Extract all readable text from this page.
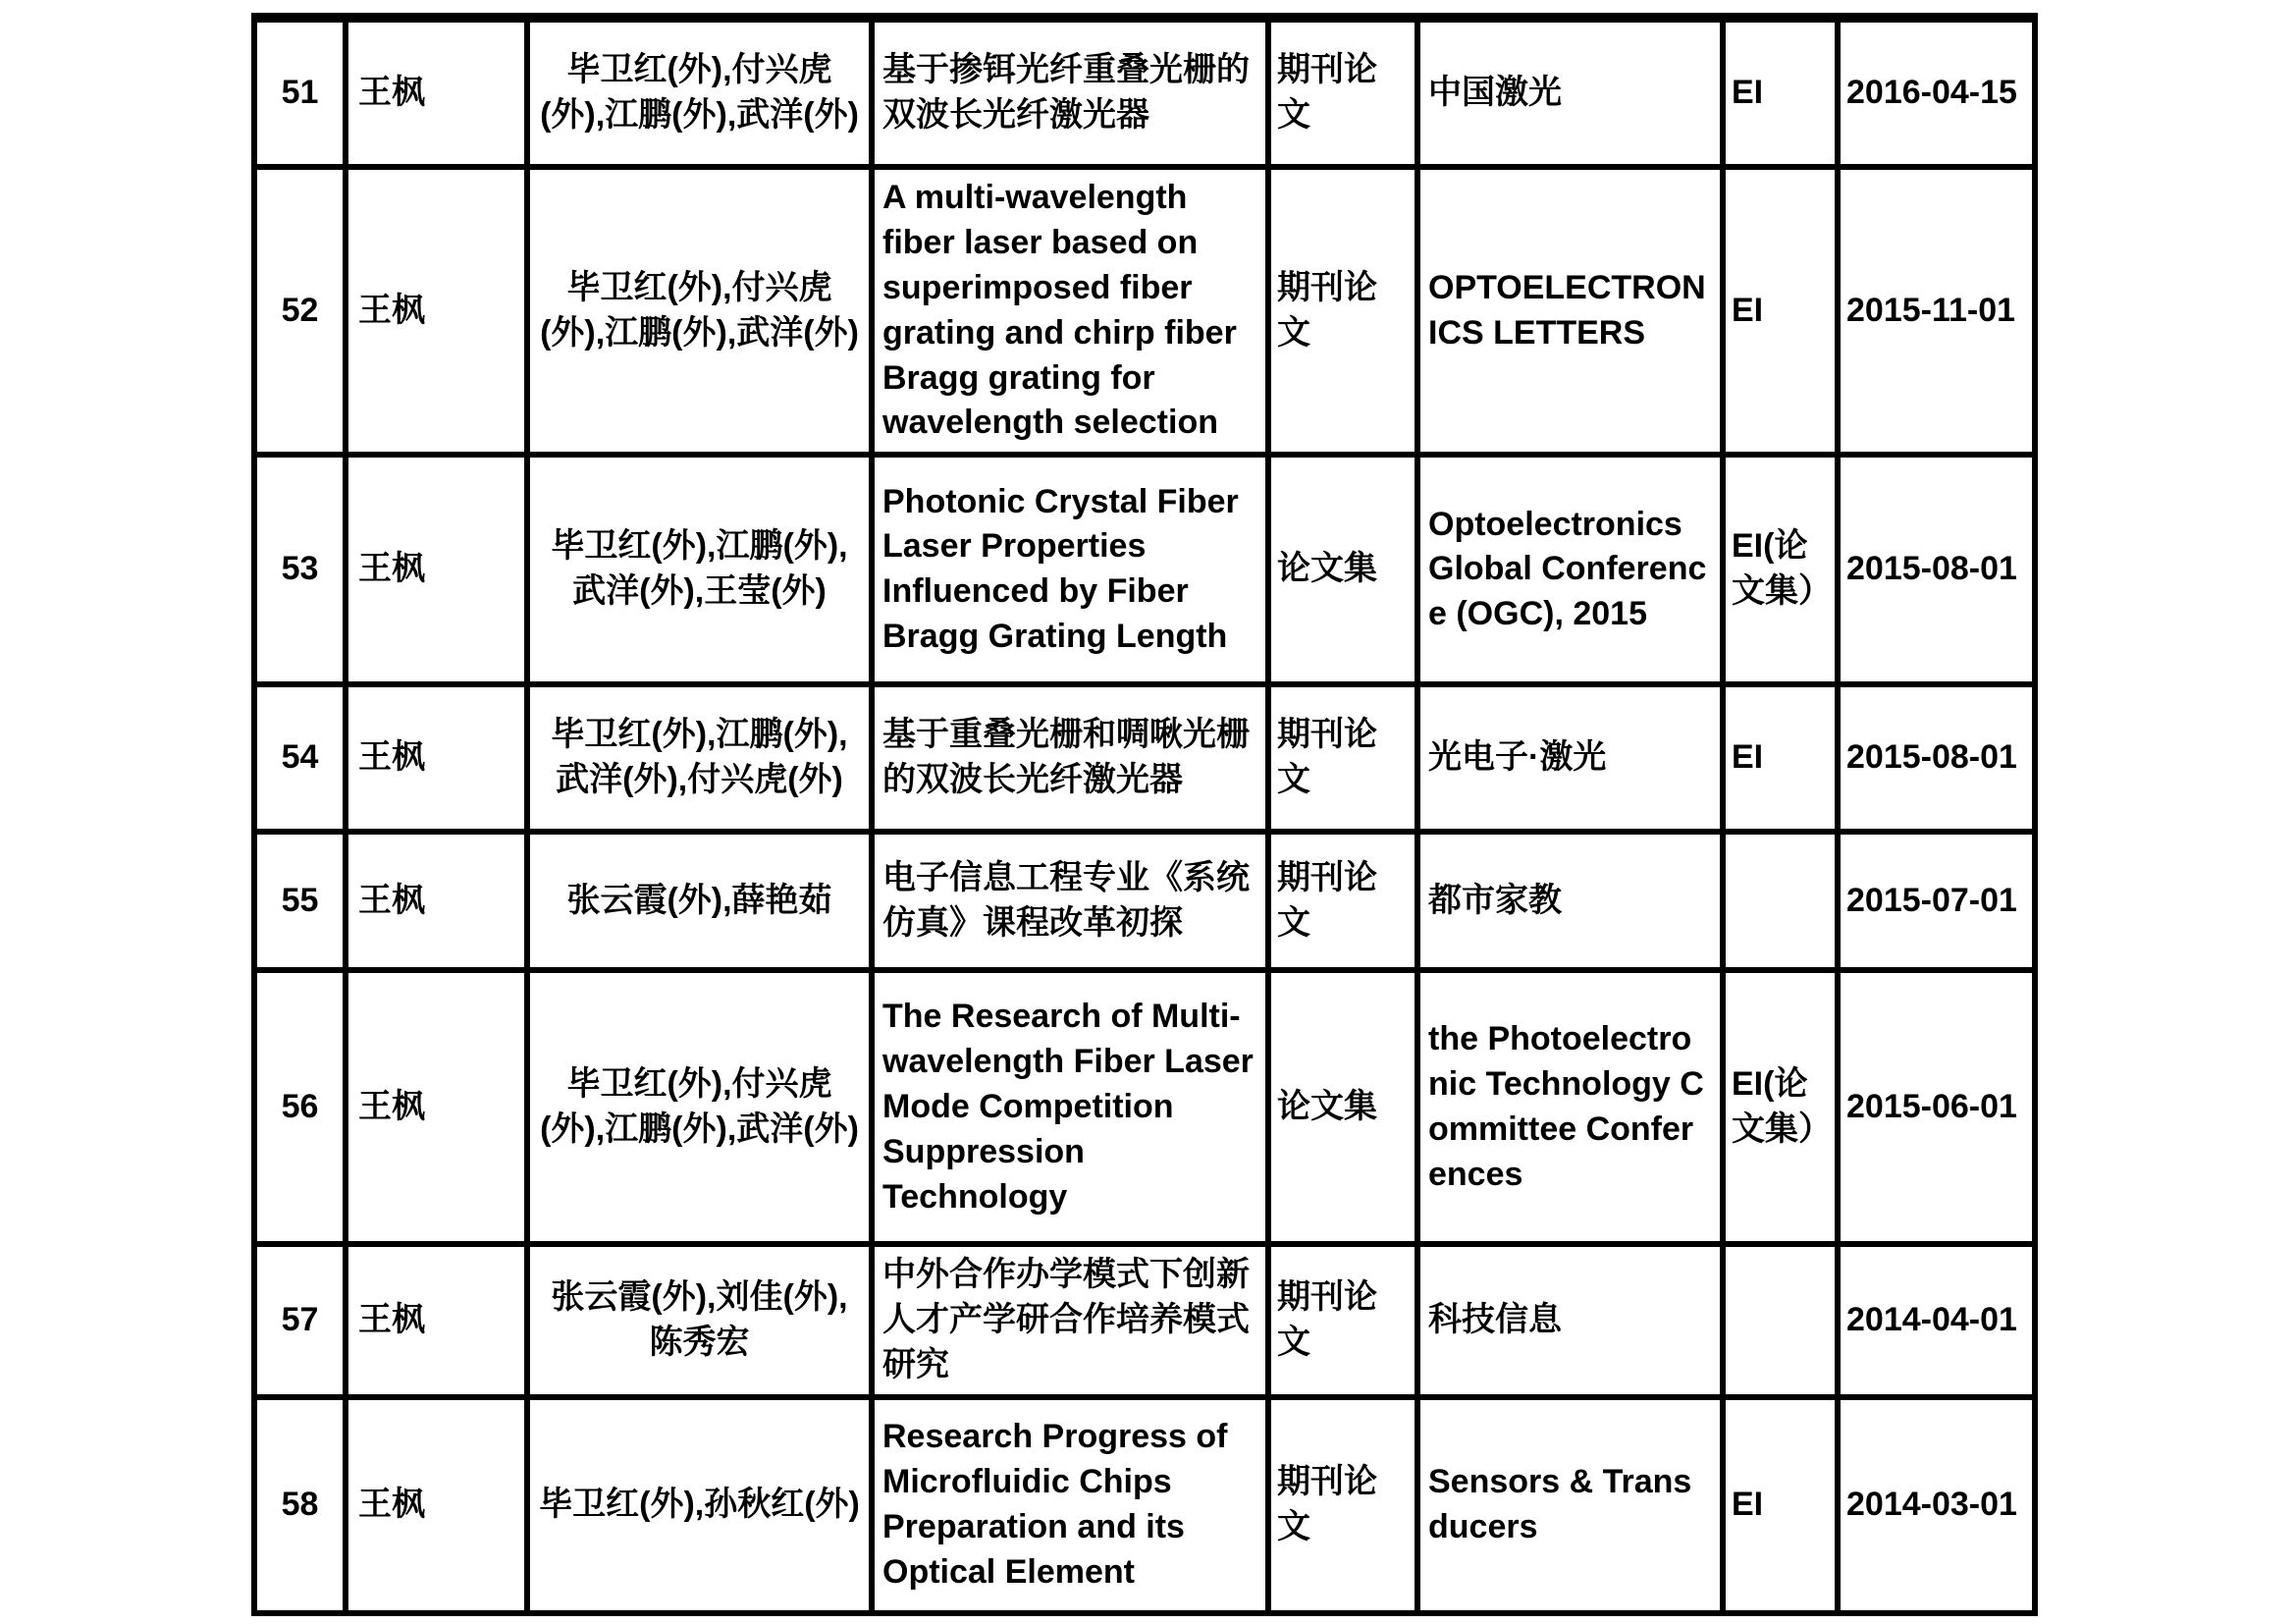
51	王枫	毕卫红(外),付兴虎(外),江鹏(外),武洋(外)	基于掺铒光纤重叠光栅的双波长光纤激光器	期刊论文	中国激光	EI	2016-04-15
52	王枫	毕卫红(外),付兴虎(外),江鹏(外),武洋(外)	A multi-wavelength fiber laser based on superimposed fiber grating and chirp fiber Bragg grating for wavelength selection	期刊论文	OPTOELECTRONICS LETTERS	EI	2015-11-01
53	王枫	毕卫红(外),江鹏(外),武洋(外),王莹(外)	Photonic Crystal Fiber Laser Properties Influenced by Fiber Bragg Grating Length	论文集	Optoelectronics Global Conference (OGC), 2015	EI(论文集）	2015-08-01
54	王枫	毕卫红(外),江鹏(外),武洋(外),付兴虎(外)	基于重叠光栅和啁啾光栅的双波长光纤激光器	期刊论文	光电子·激光	EI	2015-08-01
55	王枫	张云霞(外),薛艳茹	电子信息工程专业《系统仿真》课程改革初探	期刊论文	都市家教		2015-07-01
56	王枫	毕卫红(外),付兴虎(外),江鹏(外),武洋(外)	The Research of Multi-wavelength Fiber Laser Mode Competition Suppression Technology	论文集	the Photoelectronic Technology Committee Conferences	EI(论文集）	2015-06-01
57	王枫	张云霞(外),刘佳(外),陈秀宏	中外合作办学模式下创新人才产学研合作培养模式研究	期刊论文	科技信息		2014-04-01
58	王枫	毕卫红(外),孙秋红(外)	Research Progress of Microfluidic Chips Preparation and its Optical Element	期刊论文	Sensors & Transducers	EI	2014-03-01
